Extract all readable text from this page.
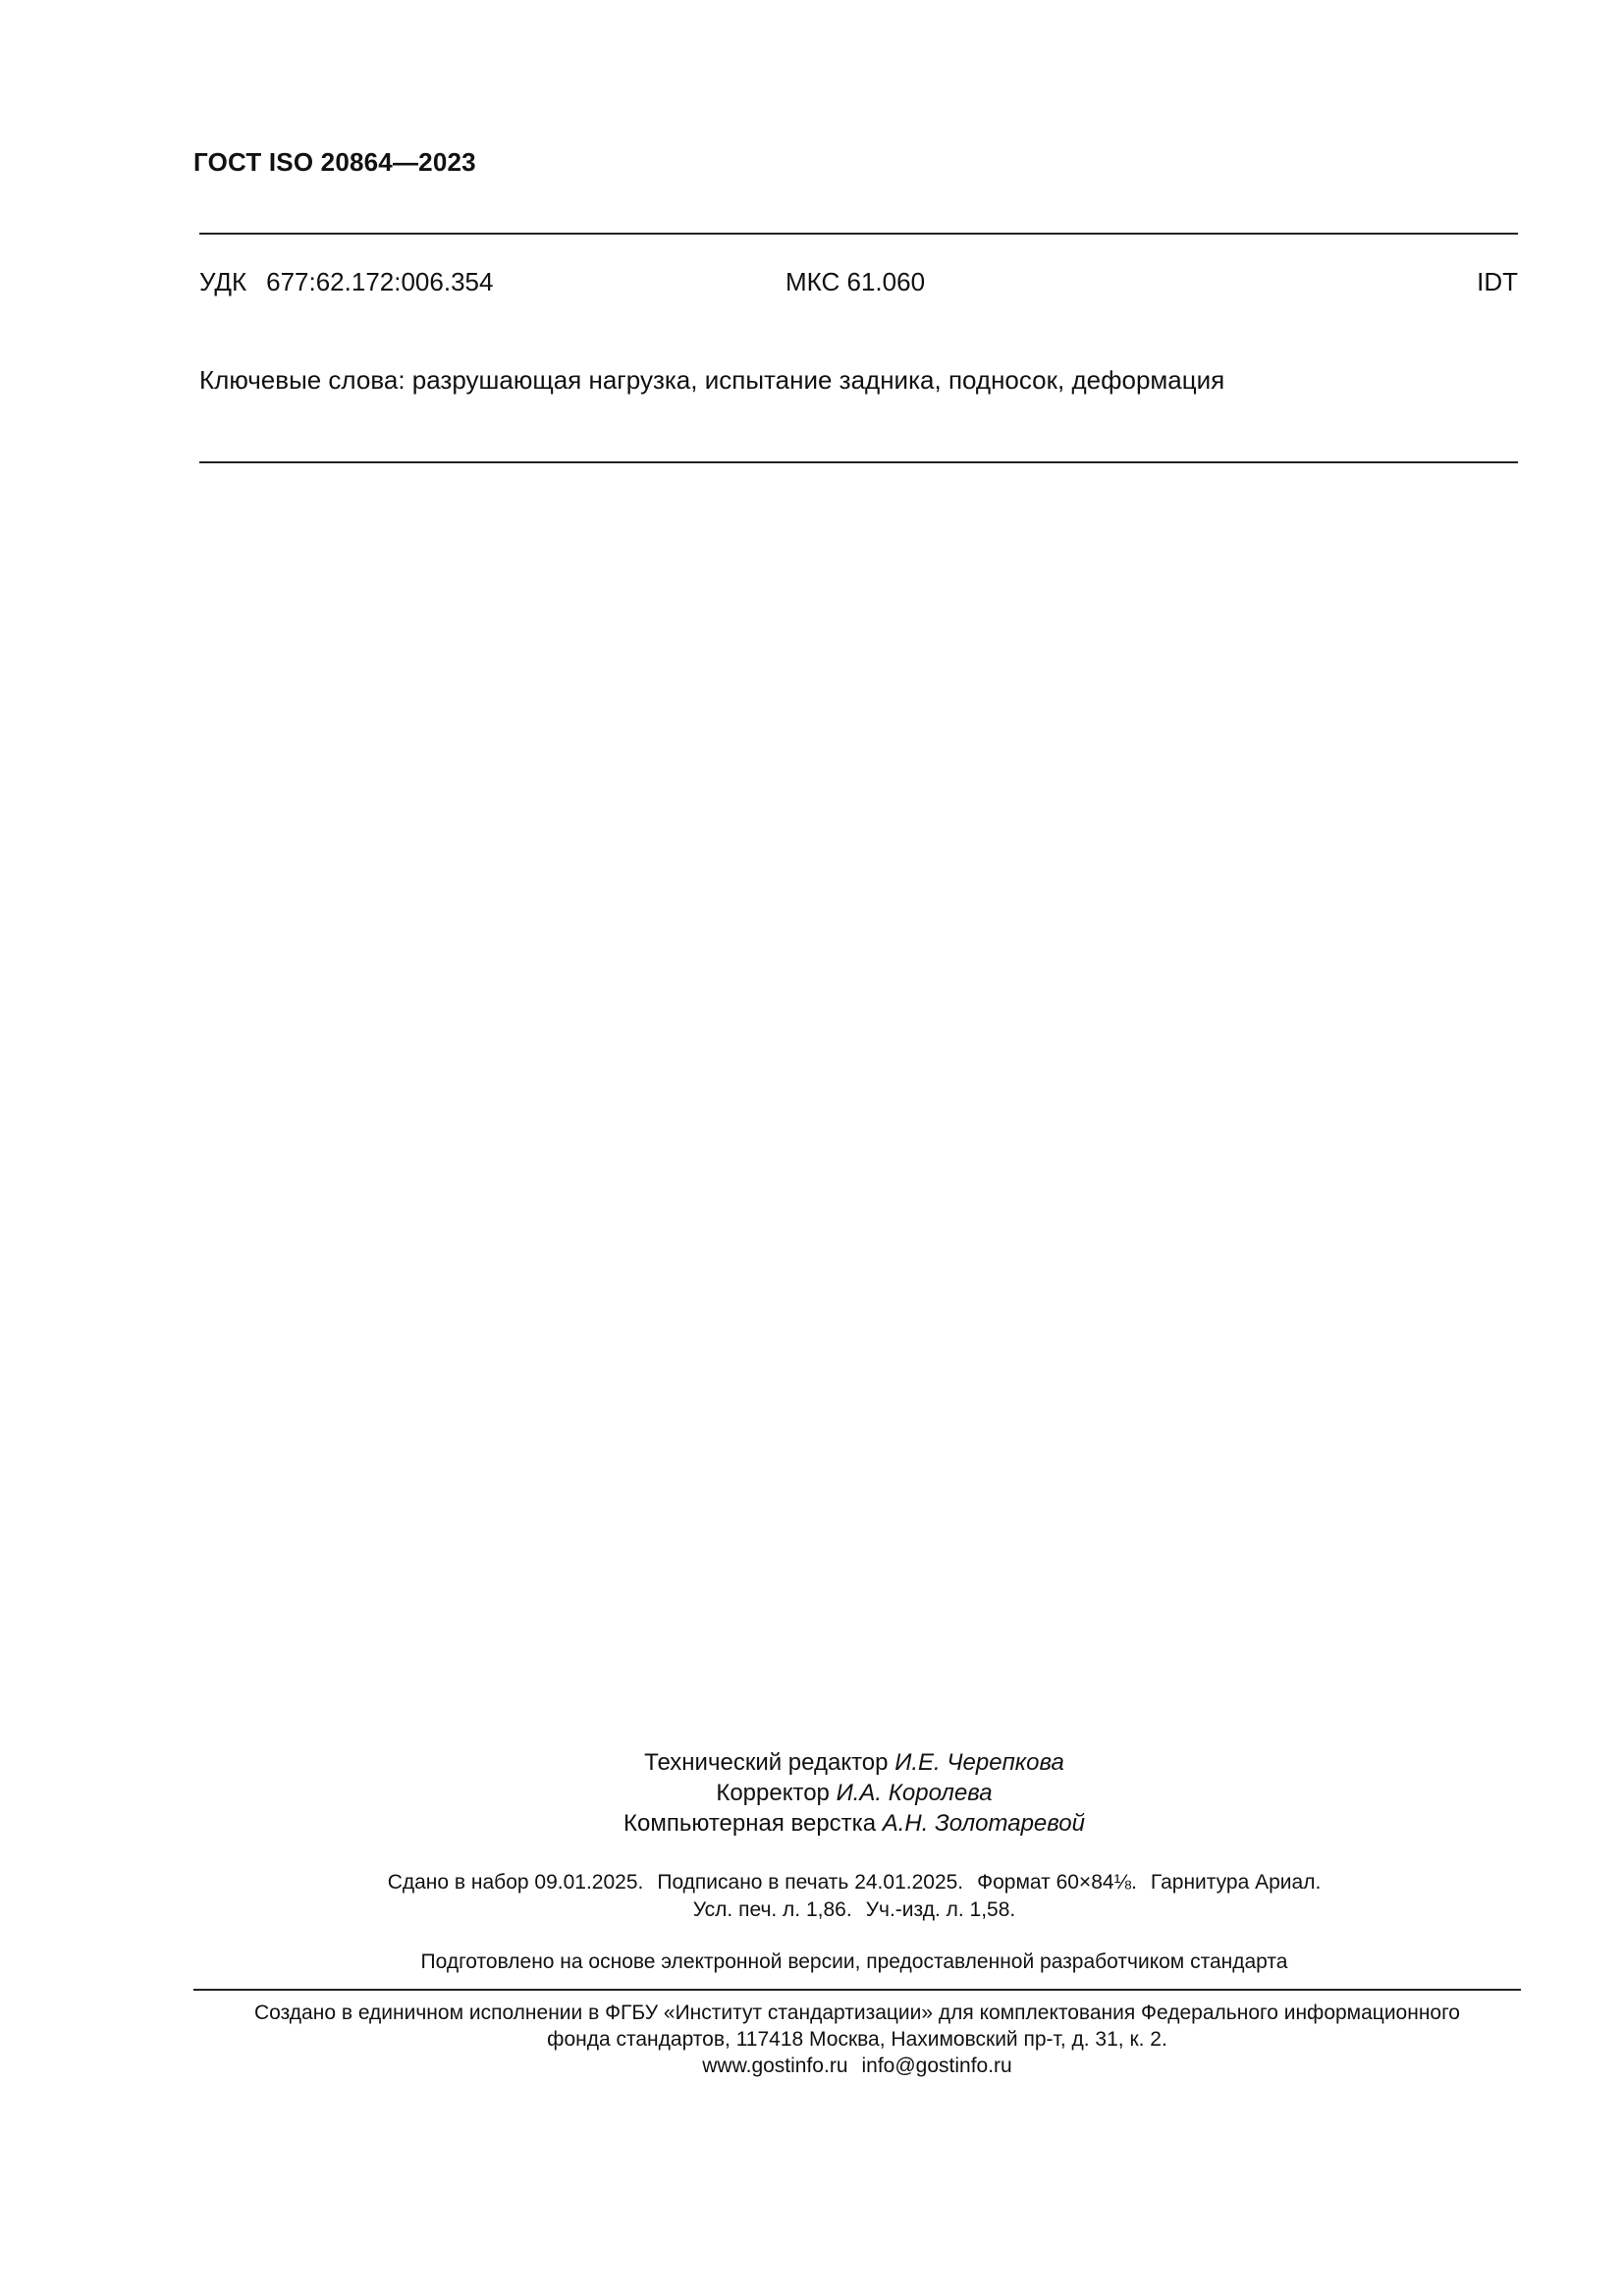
ГОСТ ISO 20864—2023
УДК 677:62.172:006.354	МКС 61.060	IDT
Ключевые слова: разрушающая нагрузка, испытание задника, подносок, деформация
Технический редактор И.Е. Черепкова
Корректор И.А. Королева
Компьютерная верстка А.Н. Золотаревой
Сдано в набор 09.01.2025. Подписано в печать 24.01.2025. Формат 60×84⅛. Гарнитура Ариал.
Усл. печ. л. 1,86. Уч.-изд. л. 1,58.
Подготовлено на основе электронной версии, предоставленной разработчиком стандарта
Создано в единичном исполнении в ФГБУ «Институт стандартизации» для комплектования Федерального информационного
фонда стандартов, 117418 Москва, Нахимовский пр-т, д. 31, к. 2.
www.gostinfo.ru info@gostinfo.ru
